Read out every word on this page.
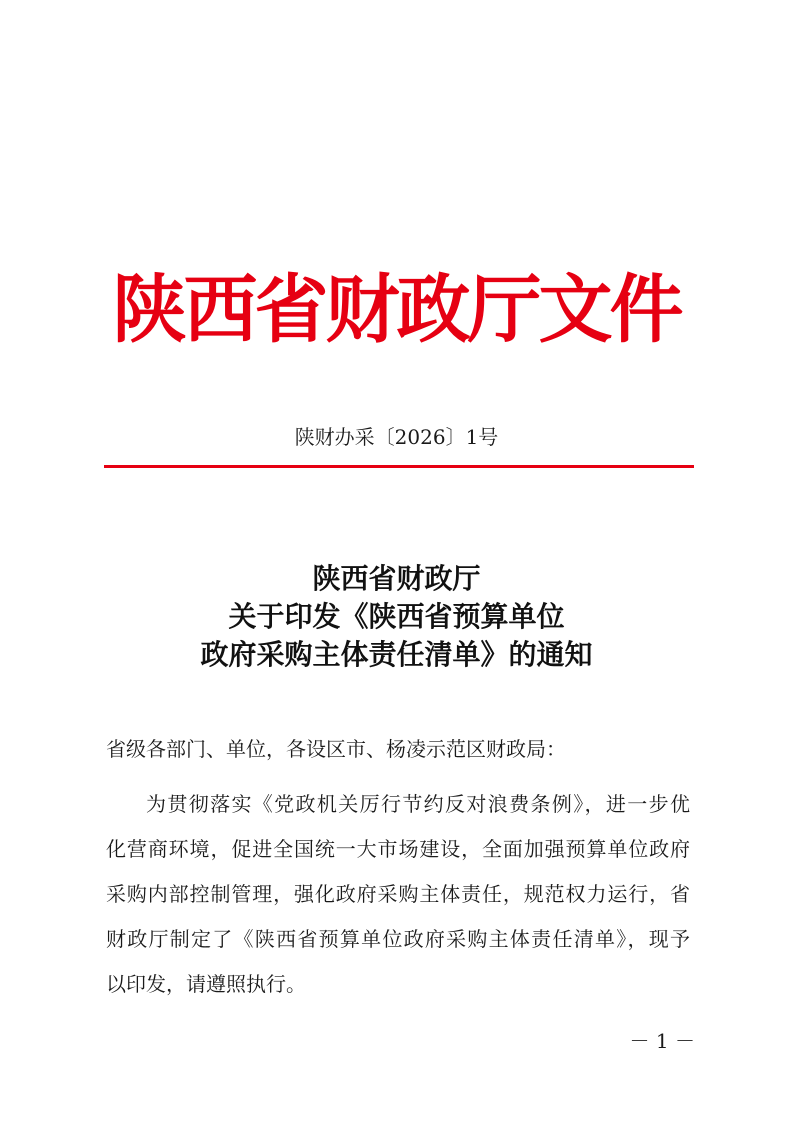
陕西省财政厅文件
陕财办采〔2026〕1号
陕西省财政厅
关于印发《陕西省预算单位
政府采购主体责任清单》的通知
省级各部门、单位，各设区市、杨凌示范区财政局：
为贯彻落实《党政机关厉行节约反对浪费条例》，进一步优
化营商环境，促进全国统一大市场建设，全面加强预算单位政府
采购内部控制管理，强化政府采购主体责任，规范权力运行，省
财政厅制定了《陕西省预算单位政府采购主体责任清单》，现予
以印发，请遵照执行。
－ 1 －
